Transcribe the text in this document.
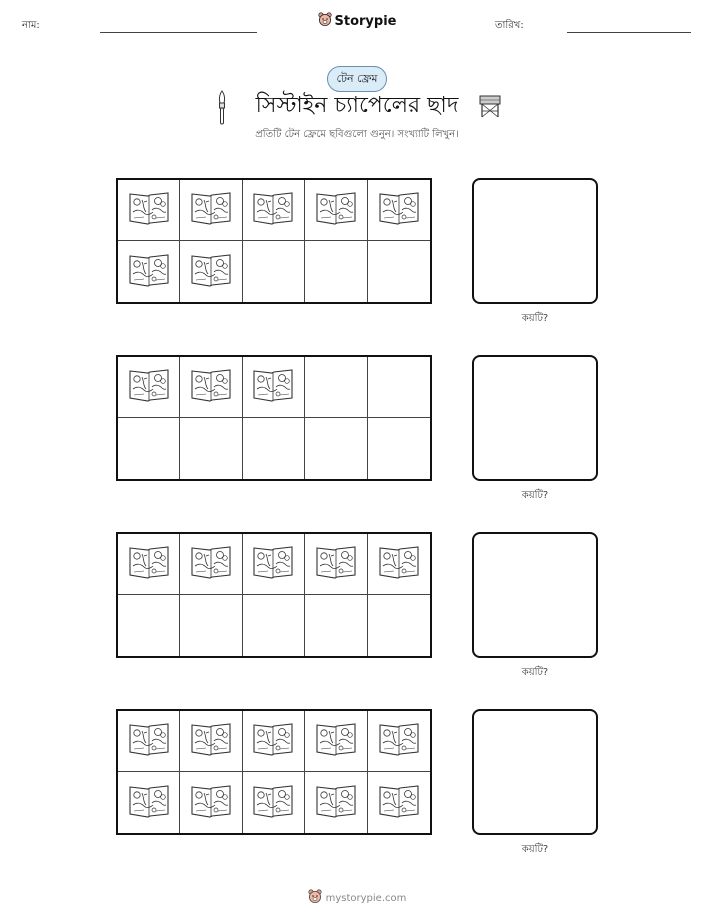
নাম:	Storypie	তারিখ:
টেন ফ্রেম
সিস্টাইন চ্যাপেলের ছাদ
প্রতিটি টেন ফ্রেমে ছবিগুলো গুনুন। সংখ্যাটি লিখুন।
কয়টি?
কয়টি?
কয়টি?
কয়টি?
mystorypie.com
